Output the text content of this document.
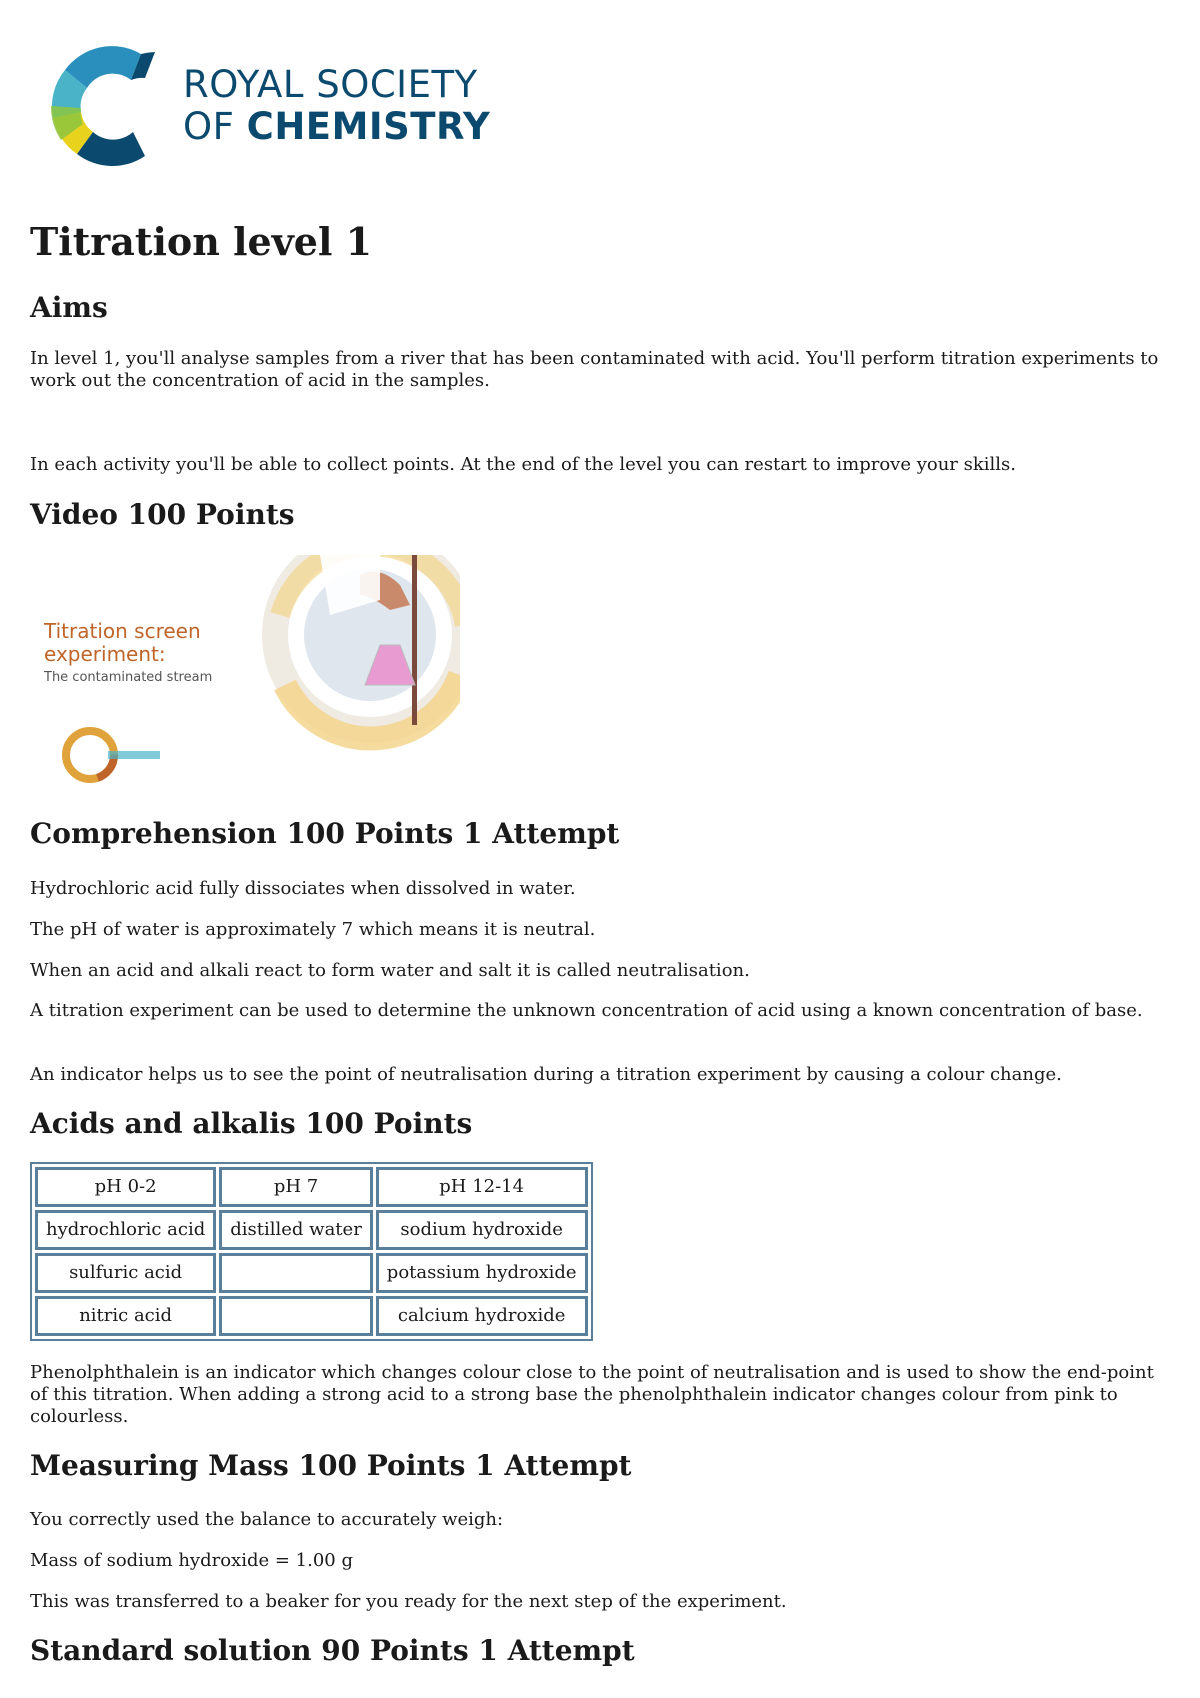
ROYAL SOCIETY
OF CHEMISTRY
Titration level 1
Aims

In level 1, you'll analyse samples from a river that has been contaminated with acid. You'll perform titration experiments to work out the concentration of acid in the samples.

In each activity you'll be able to collect points. At the end of the level you can restart to improve your skills.

Video 100 Points
Titration screen
experiment:
The contaminated stream
Comprehension 100 Points 1 Attempt

Hydrochloric acid fully dissociates when dissolved in water.

The pH of water is approximately 7 which means it is neutral.

When an acid and alkali react to form water and salt it is called neutralisation.

A titration experiment can be used to determine the unknown concentration of acid using a known concentration of base.

An indicator helps us to see the point of neutralisation during a titration experiment by causing a colour change.

Acids and alkalis 100 Points
pH 0-2	pH 7	pH 12-14
hydrochloric acid	distilled water	sodium hydroxide
sulfuric acid		potassium hydroxide
nitric acid		calcium hydroxide

Phenolphthalein is an indicator which changes colour close to the point of neutralisation and is used to show the end-point of this titration. When adding a strong acid to a strong base the phenolphthalein indicator changes colour from pink to colourless.

Measuring Mass 100 Points 1 Attempt

You correctly used the balance to accurately weigh:

Mass of sodium hydroxide = 1.00 g

This was transferred to a beaker for you ready for the next step of the experiment.

Standard solution 90 Points 1 Attempt
